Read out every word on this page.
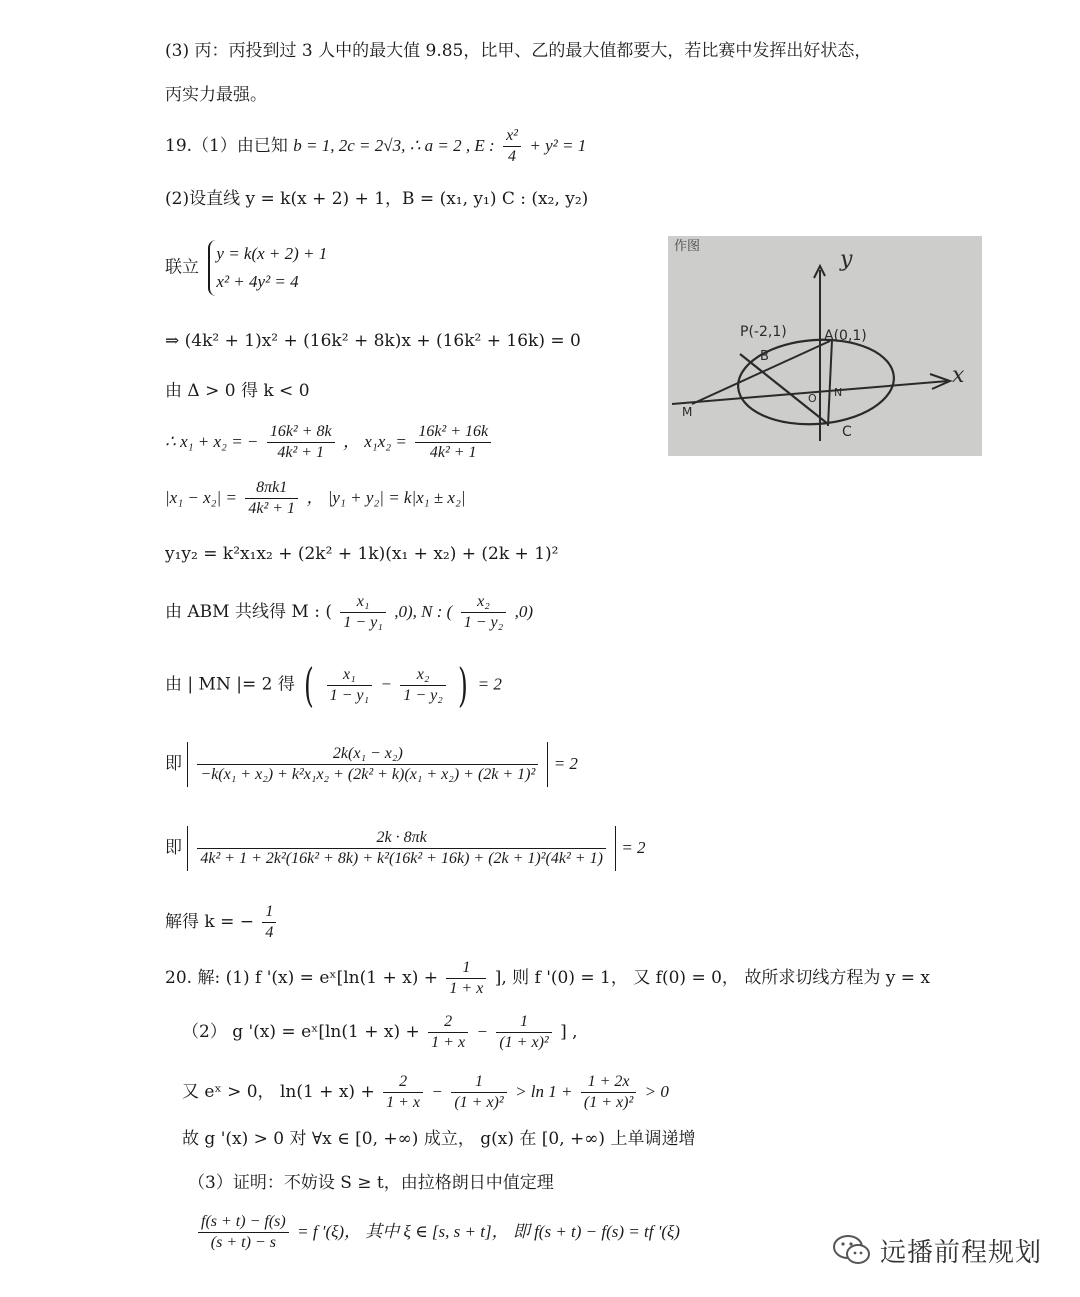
(3) 丙：丙投到过 3 人中的最大值 9.85，比甲、乙的最大值都要大，若比赛中发挥出好状态，
丙实力最强。
19.（1）由已知 b = 1, 2c = 2√3, ∴ a = 2 , E : $\frac{\text{x²}}{4} + y^2 = 1$
(2)设直线 y = k(x + 2) + 1，B = (x₁, y₁) C : (x₂, y₂)
联立
y = k(x + 2) + 1
x² + 4y² = 4
⇒ (4k² + 1)x² + (16k² + 8k)x + (16k² + 16k) = 0
由 Δ > 0 得 k < 0
∴ x₁ + x₂ = − $\frac{\text{16k² + 8k}}{\text{4k² + 1}}$ ， $x_1x_2 = \frac{\text{16k² + 16k}}{\text{4k² + 1}}$
$|x_1 - x_2| = \frac{8\pi k1}{\text{4k² + 1}}$ ， |y₁ + y₂| = k|x₁ ± x₂|
y₁y₂ = k²x₁x₂ + (2k² + 1k)(x₁ + x₂) + (2k + 1)²
由 ABM 共线得 M : ( $\frac{\text{x₁}}{\text{1 − y₁}} ,0$), N : ( $\frac{\text{x₂}}{\text{1 − y₂}} ,0$)
由 | MN |= 2 得 ( $\frac{\text{x₁}}{\text{1 − y₁}} - \frac{\text{x₂}}{\text{1 − y₂}}$ ) = 2
即 $\frac{\text{2k(x₁ − x₂)}}{\text{−k(x₁ + x₂) + k²x₁x₂ + (2k² + k)(x₁ + x₂) + (2k + 1)²}} = 2$
即
2k · 8πk
4k² + 1 + 2k²(16k² + 8k) + k²(16k² + 16k) + (2k + 1)²(4k² + 1)
= 2
解得 k = − $\frac{1}{4}$
20. 解: (1) f '(x) = eˣ[ln(1 + $x) + \frac{1}{1 + x}$ ], 则 f '(0) = 1， 又 f(0) = 0， 故所求切线方程为 y = x
（2） g '(x) = eˣ[ln(1 + $x) + \frac{2}{1 + x} - \frac{1}{\text{(1 + x)²}}$ ] ,
又 eˣ > 0， $\ln(1 + x) + \frac{2}{1 + x} - \frac{1}{\text{(1 + x)²}} > \ln 1 + \frac{1 + 2x}{\text{(1 + x)²}} > 0$
故 g '(x) > 0 对 ∀x ∈ [0, +∞) 成立， g(x) 在 [0, +∞) 上单调递增
（3）证明：不妨设 S ≥ t，由拉格朗日中值定理
$\frac{f(s + t) - f(s)}{(s + t) - s} = f$ '(ξ)， 其中 ξ ∈ [s, s + t]， 即 f(s + t) − f(s) = tf '(ξ)
作图
y
x
P(-2,1)	A(0,1)
B
C
M
N
O
远播前程规划
